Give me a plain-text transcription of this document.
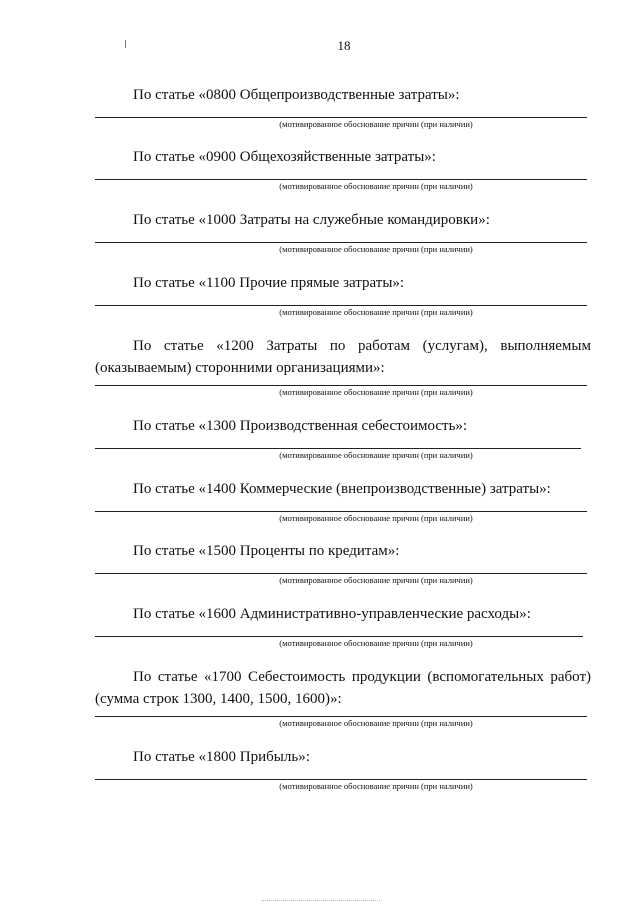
18

По статье «0800 Общепроизводственные затраты»:

(мотивированное обоснование причин (при наличии)

По статье «0900 Общехозяйственные затраты»:

(мотивированное обоснование причин (при наличии)

По статье «1000 Затраты на служебные командировки»:

(мотивированное обоснование причин (при наличии)

По статье «1100 Прочие прямые затраты»:

(мотивированное обоснование причин (при наличии)

По статье «1200 Затраты по работам (услугам), выполняемым (оказываемым) сторонними организациями»:

(мотивированное обоснование причин (при наличии)

По статье «1300 Производственная себестоимость»:

(мотивированное обоснование причин (при наличии)

По статье «1400 Коммерческие (внепроизводственные) затраты»:

(мотивированное обоснование причин (при наличии)

По статье «1500 Проценты по кредитам»:

(мотивированное обоснование причин (при наличии)

По статье «1600 Административно-управленческие расходы»:

(мотивированное обоснование причин (при наличии)

По статье «1700 Себестоимость продукции (вспомогательных работ) (сумма строк 1300, 1400, 1500, 1600)»:

(мотивированное обоснование причин (при наличии)

По статье «1800 Прибыль»:

(мотивированное обоснование причин (при наличии)
